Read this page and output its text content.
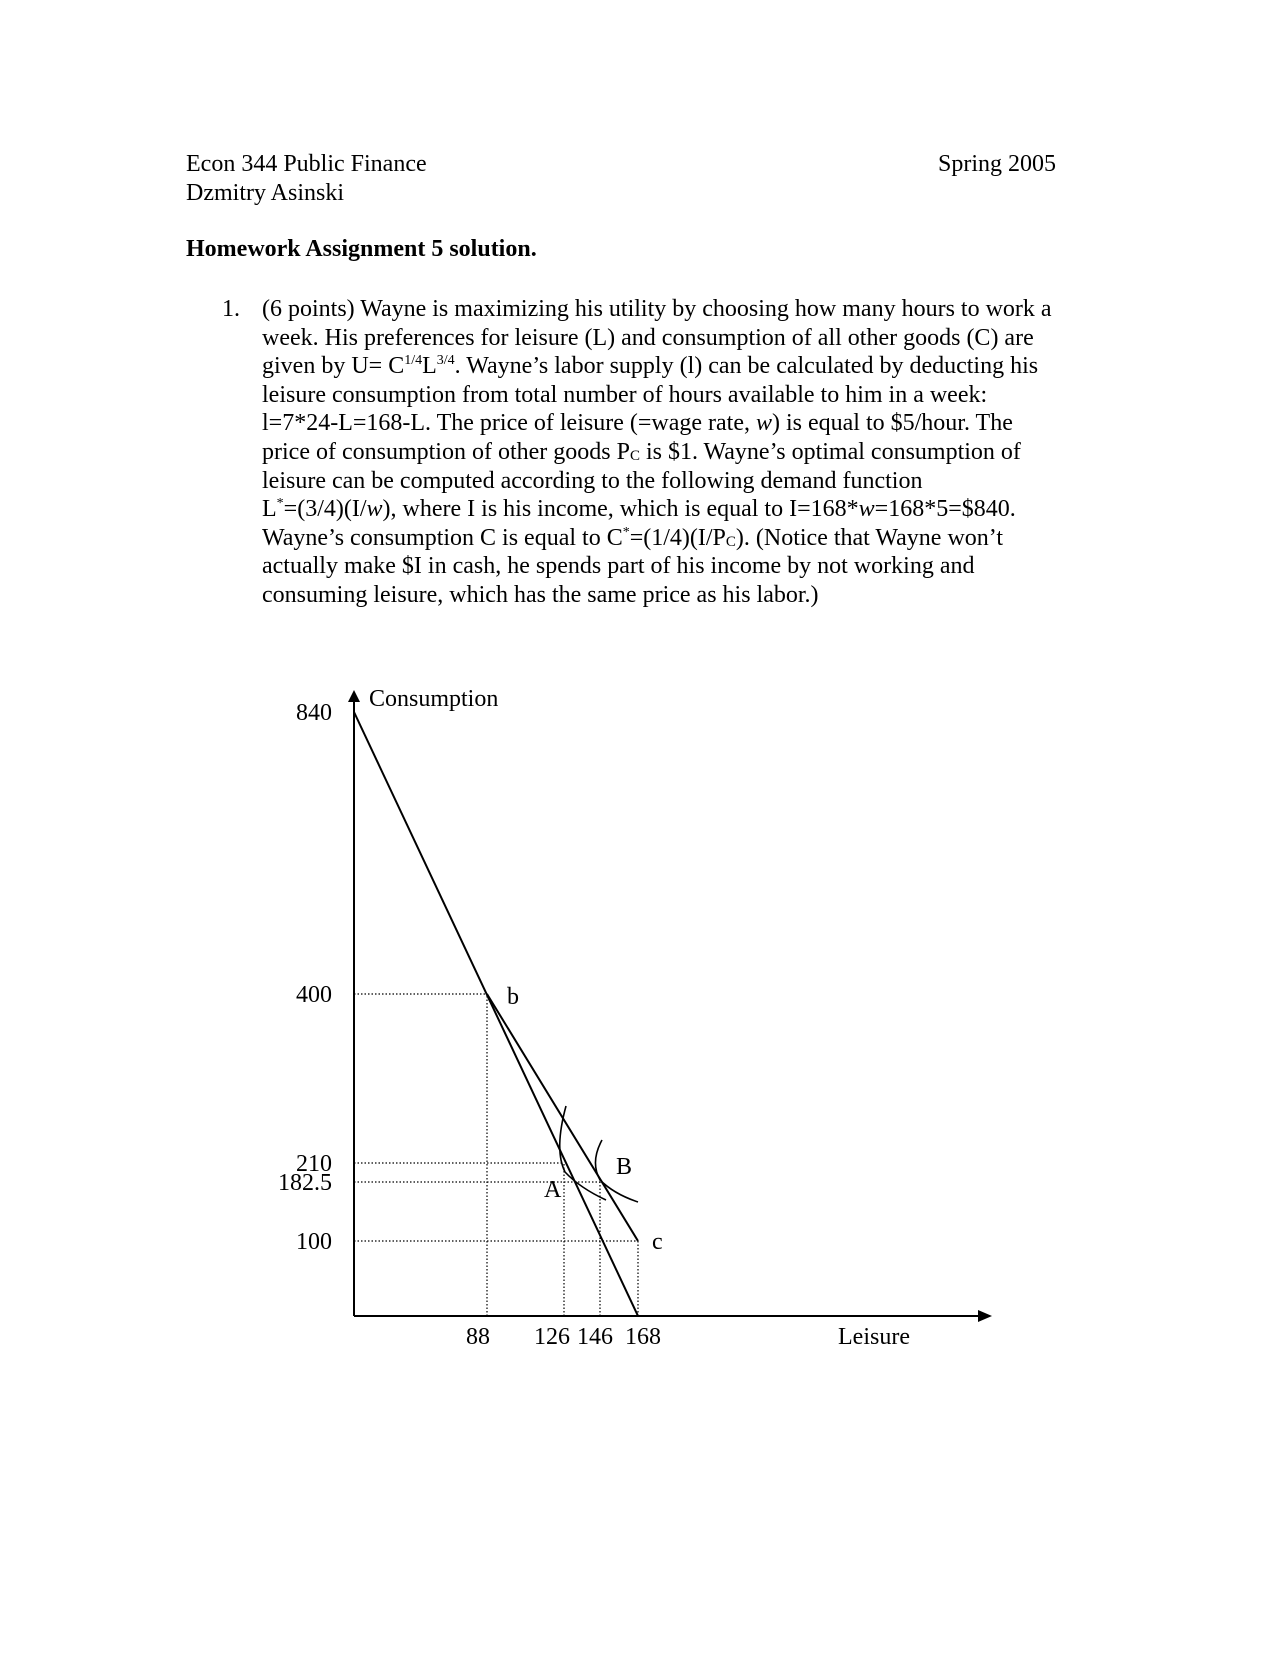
Econ 344 Public Finance
Dzmitry Asinski
Spring 2005
Homework Assignment 5 solution.
1. (6 points) Wayne is maximizing his utility by choosing how many hours to work a
week. His preferences for leisure (L) and consumption of all other goods (C) are
given by $U= C^{1/4}L^{3/4}$. Wayne’s labor supply (l) can be calculated by deducting his
leisure consumption from total number of hours available to him in a week:
l=7*24-L=168-L. The price of leisure (=wage rate, w) is equal to $5/hour. The
price of consumption of other goods $P_C$ is $1. Wayne’s optimal consumption of
leisure can be computed according to the following demand function
L*=(3/4)(I/w), where I is his income, which is equal to I=168*w=168*5=$840.
Wayne’s consumption C is equal to $C^*=(1/4)(I/P_C)$. (Notice that Wayne won’t
actually make $I in cash, he spends part of his income by not working and
consuming leisure, which has the same price as his labor.)
Consumption
Leisure
840
400
210
182.5
100
88 126 146 168
b
A
B
c
